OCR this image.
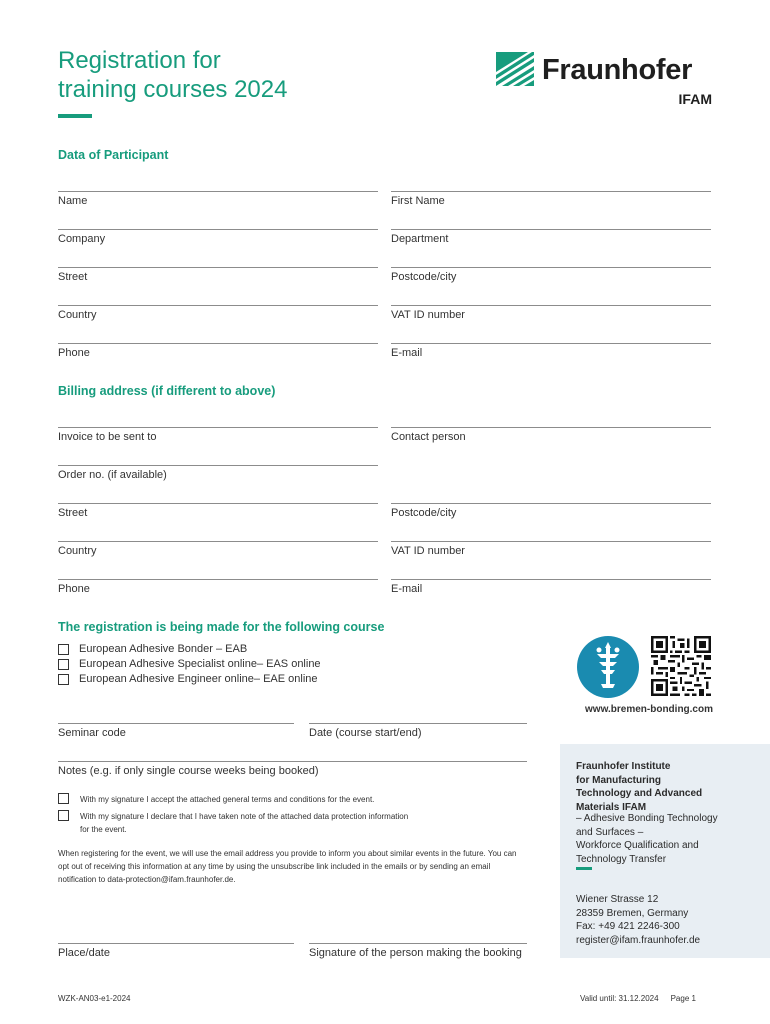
Registration for
training courses 2024
Fraunhofer
IFAM
Data of Participant
Name	First Name
Company	Department
Street	Postcode/city
Country	VAT ID number
Phone	E-mail
Billing address (if different to above)
Invoice to be sent to	Contact person
Order no. (if available)
Street	Postcode/city
Country	VAT ID number
Phone	E-mail
The registration is being made for the following course
European Adhesive Bonder – EAB
European Adhesive Specialist online– EAS online
European Adhesive Engineer online– EAE online
Seminar code	Date (course start/end)
Notes (e.g. if only single course weeks being booked)
With my signature I accept the attached general terms and conditions for the event.
With my signature I declare that I have taken note of the attached data protection information
for the event.
When registering for the event, we will use the email address you provide to inform you about similar events in the future. You can opt out of receiving this information at any time by using the unsubscribe link included in the emails or by sending an email notification to data-protection@ifam.fraunhofer.de.
Place/date	Signature of the person making the booking
www.bremen-bonding.com
Fraunhofer Institute
for Manufacturing
Technology and Advanced
Materials IFAM
– Adhesive Bonding Technology
and Surfaces –
Workforce Qualification and
Technology Transfer
Wiener Strasse 12
28359 Bremen, Germany
Fax: +49 421 2246-300
register@ifam.fraunhofer.de
WZK-AN03-e1-2024	Valid until: 31.12.2024 Page 1
